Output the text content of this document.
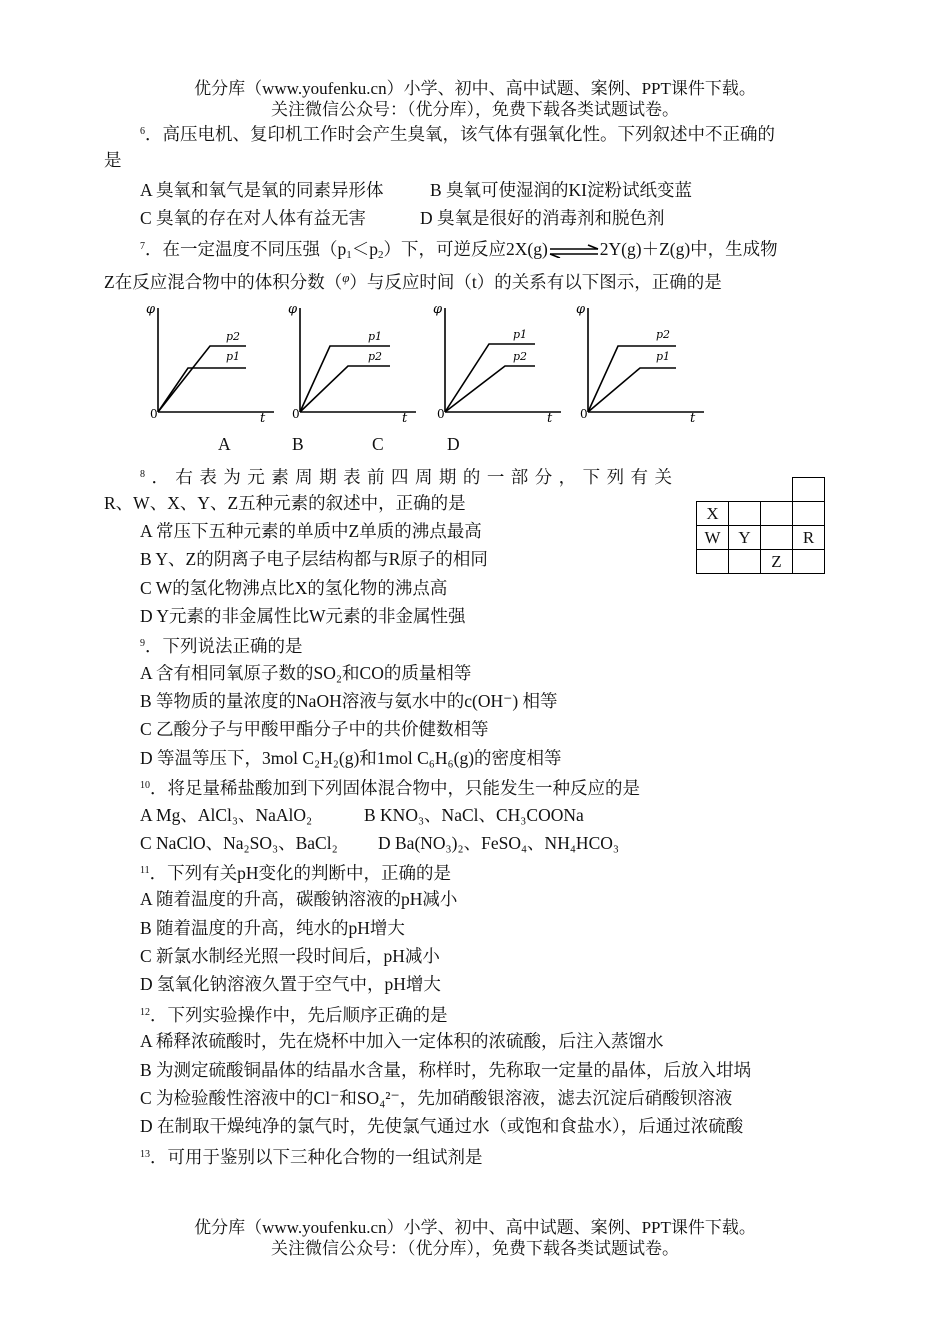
优分库（www.youfenku.cn）小学、初中、高中试题、案例、PPT课件下载。
关注微信公众号：（优分库），免费下载各类试题试卷。
$^6$．高压电机、复印机工作时会产生臭氧，该气体有强氧化性。下列叙述中不正确的
是
A 臭氧和氧气是氧的同素异形体	B 臭氧可使湿润的KI淀粉试纸变蓝
C 臭氧的存在对人体有益无害	D 臭氧是很好的消毒剂和脱色剂
$^7$．在一定温度不同压强$(p_1<p_2)$下，可逆反应2X(g)⇌2Y(g)＋Z(g)中，生成物
Z在反应混合物中的体积分数（$^\varphi$）与反应时间（t）的关系有以下图示，正确的是
φ
0	t
p2
p1
φ
0	t
p1
p2
φ
0	t
p1
p2
φ
0	t
p2
p1
A	B	C	D
$^8$．右表为元素周期表前四周期的一部分，下列有关
R、W、X、Y、Z五种元素的叙述中，正确的是
A 常压下五种元素的单质中Z单质的沸点最高
B Y、Z的阴离子电子层结构都与R原子的相同
C W的氢化物沸点比X的氢化物的沸点高
D Y元素的非金属性比W元素的非金属性强

X			
W	Y		R
		Z	
$^9$．下列说法正确的是
A 含有相同氧原子数的SO₂和CO的质量相等
B 等物质的量浓度的NaOH溶液与氨水中的c(OH⁻) 相等
C 乙酸分子与甲酸甲酯分子中的共价健数相等
D 等温等压下，3mol C₂H₂(g)和1mol C₆H₆(g)的密度相等
$^{10}$．将足量稀盐酸加到下列固体混合物中，只能发生一种反应的是
A Mg、AlCl₃、NaAlO₂	B KNO₃、NaCl、CH₃COONa
C NaClO、Na₂SO₃、BaCl₂ D Ba(NO₃)₂、FeSO₄、NH₄HCO₃
$^{11}$．下列有关pH变化的判断中，正确的是
A 随着温度的升高，碳酸钠溶液的pH减小
B 随着温度的升高，纯水的pH增大
C 新氯水制经光照一段时间后，pH减小
D 氢氧化钠溶液久置于空气中，pH增大
$^{12}$．下列实验操作中，先后顺序正确的是
A 稀释浓硫酸时，先在烧杯中加入一定体积的浓硫酸，后注入蒸馏水
B 为测定硫酸铜晶体的结晶水含量，称样时，先称取一定量的晶体，后放入坩埚
C 为检验酸性溶液中的Cl⁻和SO₄²⁻，先加硝酸银溶液，滤去沉淀后硝酸钡溶液
D 在制取干燥纯净的氯气时，先使氯气通过水（或饱和食盐水），后通过浓硫酸
$^{13}$．可用于鉴别以下三种化合物的一组试剂是
优分库（www.youfenku.cn）小学、初中、高中试题、案例、PPT课件下载。
关注微信公众号：（优分库），免费下载各类试题试卷。
